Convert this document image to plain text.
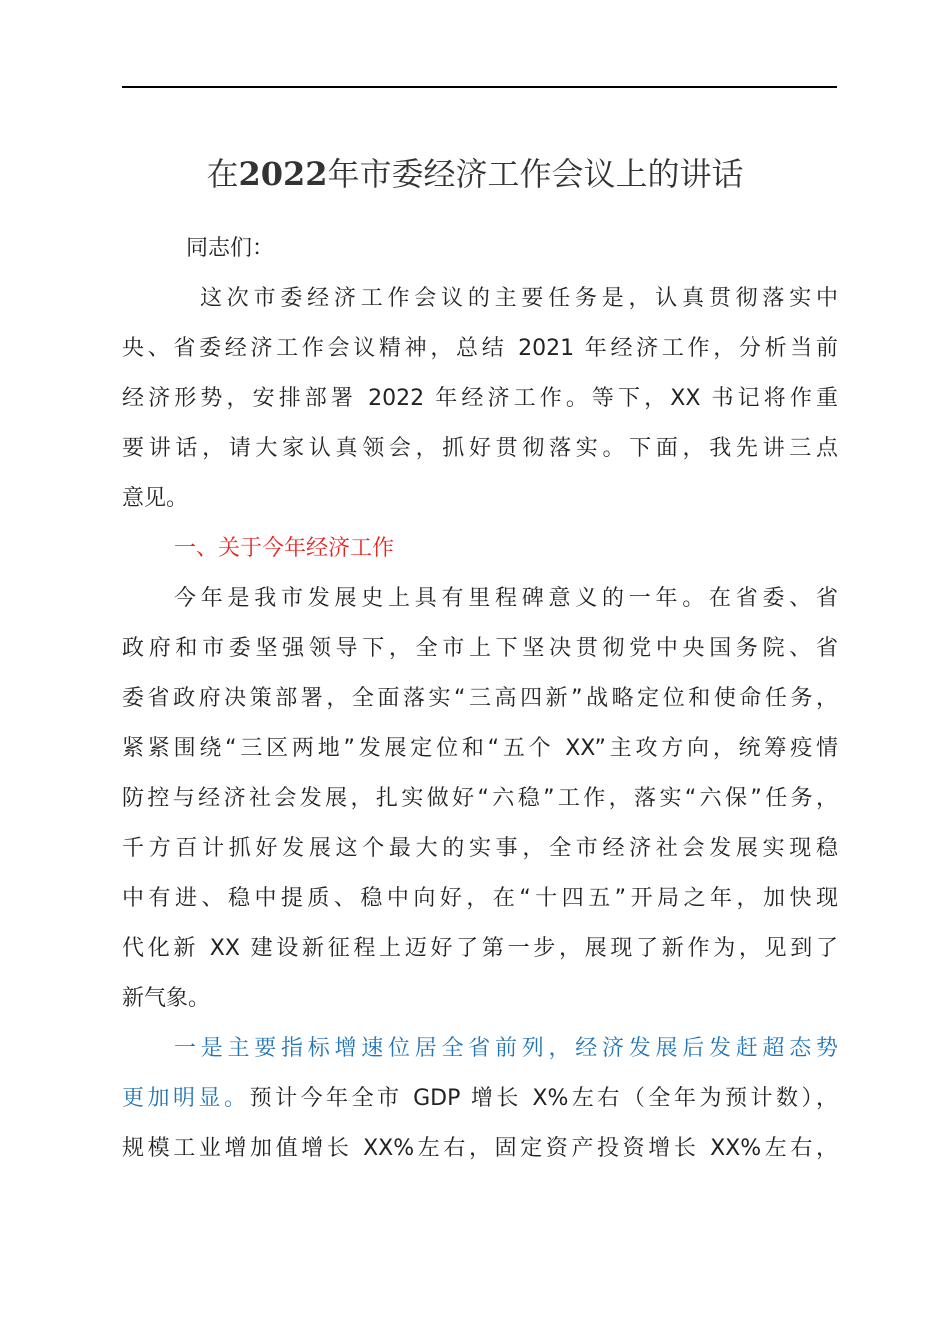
在2022年市委经济工作会议上的讲话
同志们：
这次市委经济工作会议的主要任务是，认真贯彻落实中
央、省委经济工作会议精神，总结 2021 年经济工作，分析当前
经济形势，安排部署 2022 年经济工作。等下，XX 书记将作重
要讲话，请大家认真领会，抓好贯彻落实。下面，我先讲三点
意见。
一、关于今年经济工作
今年是我市发展史上具有里程碑意义的一年。在省委、省
政府和市委坚强领导下，全市上下坚决贯彻党中央国务院、省
委省政府决策部署，全面落实“三高四新”战略定位和使命任务，
紧紧围绕“三区两地”发展定位和“五个 XX”主攻方向，统筹疫情
防控与经济社会发展，扎实做好“六稳”工作，落实“六保”任务，
千方百计抓好发展这个最大的实事，全市经济社会发展实现稳
中有进、稳中提质、稳中向好，在“十四五”开局之年，加快现
代化新 XX 建设新征程上迈好了第一步，展现了新作为，见到了
新气象。
一是主要指标增速位居全省前列，经济发展后发赶超态势
更加明显。预计今年全市 GDP 增长 X%左右（全年为预计数），
规模工业增加值增长 XX%左右，固定资产投资增长 XX%左右，
